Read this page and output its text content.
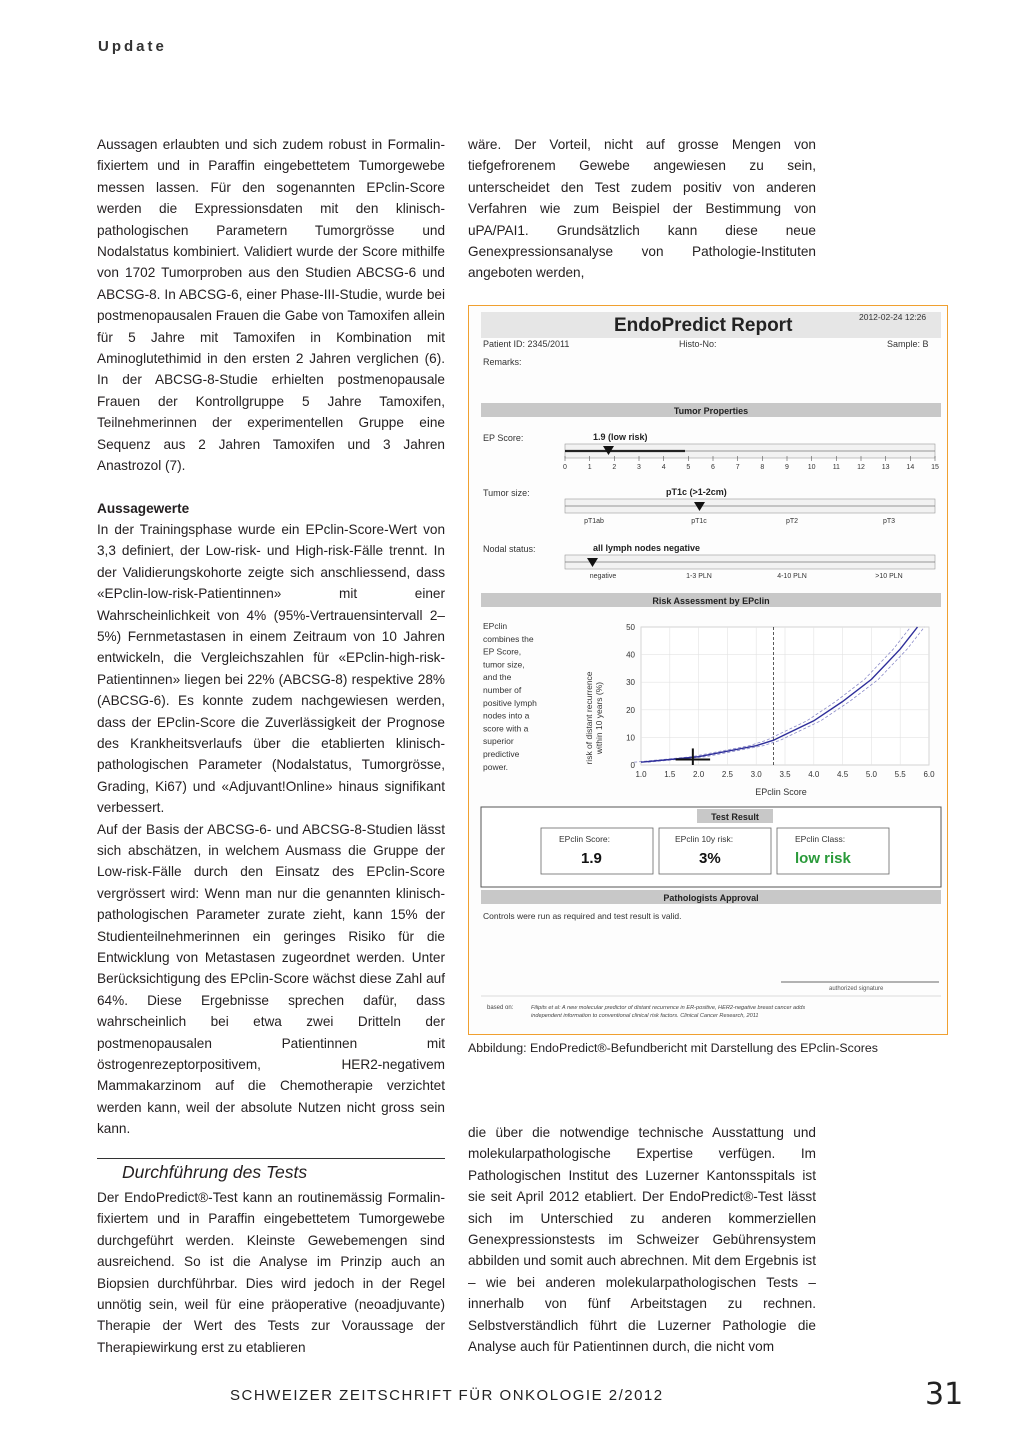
Update

Aussagen erlaubten und sich zudem robust in Formalin-fixiertem und in Paraffin eingebettetem Tumorgewebe messen lassen. Für den sogenannten EPclin-Score werden die Expressionsdaten mit den klinisch-pathologischen Parametern Tumorgrösse und Nodalstatus kombiniert. Validiert wurde der Score mithilfe von 1702 Tumorproben aus den Studien ABCSG-6 und ABCSG-8. In ABCSG-6, einer Phase-III-Studie, wurde bei postmenopausalen Frauen die Gabe von Tamoxifen allein für 5 Jahre mit Tamoxifen in Kombination mit Aminoglutethimid in den ersten 2 Jahren verglichen (6). In der ABCSG-8-Studie erhielten postmenopausale Frauen der Kontrollgruppe 5 Jahre Tamoxifen, Teilnehmerinnen der experimentellen Gruppe eine Sequenz aus 2 Jahren Tamoxifen und 3 Jahren Anastrozol (7).

Aussagewerte

In der Trainingsphase wurde ein EPclin-Score-Wert von 3,3 definiert, der Low-risk- und High-risk-Fälle trennt. In der Validierungskohorte zeigte sich anschliessend, dass «EPclin-low-risk-Patientinnen» mit einer Wahrscheinlichkeit von 4% (95%-Vertrauensintervall 2–5%) Fernmetastasen in einem Zeitraum von 10 Jahren entwickeln, die Vergleichszahlen für «EPclin-high-risk-Patientinnen» liegen bei 22% (ABCSG-8) respektive 28% (ABCSG-6). Es konnte zudem nachgewiesen werden, dass der EPclin-Score die Zuverlässigkeit der Prognose des Krankheitsverlaufs über die etablierten klinisch-pathologischen Parameter (Nodalstatus, Tumorgrösse, Grading, Ki67) und «Adjuvant!Online» hinaus signifikant verbessert.

Auf der Basis der ABCSG-6- und ABCSG-8-Studien lässt sich abschätzen, in welchem Ausmass die Gruppe der Low-risk-Fälle durch den Einsatz des EPclin-Score vergrössert wird: Wenn man nur die genannten klinisch-pathologischen Parameter zurate zieht, kann 15% der Studienteilnehmerinnen ein geringes Risiko für die Entwicklung von Metastasen zugeordnet werden. Unter Berücksichtigung des EPclin-Score wächst diese Zahl auf 64%. Diese Ergebnisse sprechen dafür, dass wahrscheinlich bei etwa zwei Dritteln der postmenopausalen Patientinnen mit östrogenrezeptorpositivem, HER2-negativem Mammakarzinom auf die Chemotherapie verzichtet werden kann, weil der absolute Nutzen nicht gross sein kann.

Durchführung des Tests

Der EndoPredict®-Test kann an routinemässig Formalin-fixiertem und in Paraffin eingebettetem Tumorgewebe durchgeführt werden. Kleinste Gewebemengen sind ausreichend. So ist die Analyse im Prinzip auch an Biopsien durchführbar. Dies wird jedoch in der Regel unnötig sein, weil für eine präoperative (neoadjuvante) Therapie der Wert des Tests zur Voraussage der Therapiewirkung erst zu etablieren

wäre. Der Vorteil, nicht auf grosse Mengen von tiefgefrorenem Gewebe angewiesen zu sein, unterscheidet den Test zudem positiv von anderen Verfahren wie zum Beispiel der Bestimmung von uPA/PAI1. Grundsätzlich kann diese neue Genexpressionsanalyse von Pathologie-Instituten angeboten werden,

EndoPredict Report	2012-02-24 12:26
Patient ID: 2345/2011	Histo-No:	Sample: B
Remarks:
Tumor Properties
EP Score:	1.9 (low risk)
0	1	2	3	4	5	6	7	8	9	10 11 12 13 14 15
Tumor size:	pT1c (>1-2cm)
pT1ab	pT1c	pT2	pT3
Nodal status:	all lymph nodes negative
negative	1-3 PLN	4-10 PLN	>10 PLN
Risk Assessment by EPclin
EPclin
combines the
EP Score,
tumor size,
and the
number of
positive lymph
nodes into a
score with a
superior
predictive
power.
risk of distant recurrence within 10 years (%)
0
10
20
30
40
50
1.0 1.5 2.0 2.5 3.0 3.5 4.0 4.5 5.0 5.5 6.0
EPclin Score
Test Result
EPclin Score:
1.9
EPclin 10y risk:
3%
EPclin Class:
low risk
Pathologists Approval
Controls were run as required and test result is valid.
authorized signature
based on:	Filipits et al: A new molecular predictor of distant recurrence in ER-positive, HER2-negative breast cancer adds
independent information to conventional clinical risk factors. Clinical Cancer Research, 2011
Abbildung: EndoPredict®-Befundbericht mit Darstellung des EPclin-Scores

die über die notwendige technische Ausstattung und molekularpathologische Expertise verfügen. Im Pathologischen Institut des Luzerner Kantonsspitals ist sie seit April 2012 etabliert. Der EndoPredict®-Test lässt sich im Unterschied zu anderen kommerziellen Genexpressionstests im Schweizer Gebührensystem abbilden und somit auch abrechnen. Mit dem Ergebnis ist – wie bei anderen molekularpathologischen Tests – innerhalb von fünf Arbeitstagen zu rechnen. Selbstverständlich führt die Luzerner Pathologie die Analyse auch für Patientinnen durch, die nicht vom

SCHWEIZER ZEITSCHRIFT FÜR ONKOLOGIE 2/2012	31
